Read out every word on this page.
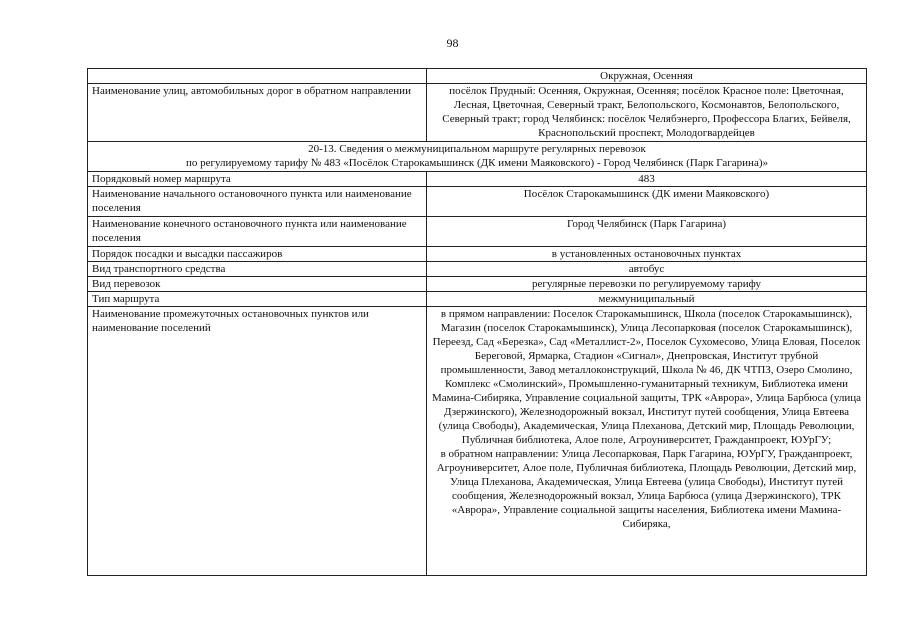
98
	Окружная, Осенняя
Наименование улиц, автомобильных дорог в обратном направлении	посёлок Прудный: Осенняя, Окружная, Осенняя; посёлок Красное поле: Цветочная, Лесная, Цветочная, Северный тракт, Белопольского, Космонавтов, Белопольского, Северный тракт; город Челябинск: посёлок Челябэнерго, Профессора Благих, Бейвеля, Краснопольский проспект, Молодогвардейцев

20-13. Сведения о межмуниципальном маршруте регулярных перевозок
по регулируемому тарифу № 483 «Посёлок Старокамышинск (ДК имени Маяковского) - Город Челябинск (Парк Гагарина)»	

Порядковый номер маршрута	483
Наименование начального остановочного пункта или наименование поселения	Посёлок Старокамышинск (ДК имени Маяковского)
Наименование конечного остановочного пункта или наименование поселения	Город Челябинск (Парк Гагарина)
Порядок посадки и высадки пассажиров	в установленных остановочных пунктах
Вид транспортного средства	автобус
Вид перевозок	регулярные перевозки по регулируемому тарифу
Тип маршрута	межмуниципальный
Наименование промежуточных остановочных пунктов или наименование поселений	в прямом направлении: Поселок Старокамышинск, Школа (поселок Старокамышинск), Магазин (поселок Старокамышинск), Улица Лесопарковая (поселок Старокамышинск), Переезд, Сад «Березка», Сад «Металлист-2», Поселок Сухомесово, Улица Еловая, Поселок Береговой, Ярмарка, Стадион «Сигнал», Днепровская, Институт трубной промышленности, Завод металлоконструкций, Школа № 46, ДК ЧТПЗ, Озеро Смолино, Комплекс «Смолинский», Промышленно-гуманитарный техникум, Библиотека имени Мамина-Сибиряка, Управление социальной защиты, ТРК «Аврора», Улица Барбюса (улица Дзержинского), Железнодорожный вокзал, Институт путей сообщения, Улица Евтеева (улица Свободы), Академическая, Улица Плеханова, Детский мир, Площадь Революции, Публичная библиотека, Алое поле, Агроуниверситет, Гражданпроект, ЮУрГУ;
в обратном направлении: Улица Лесопарковая, Парк Гагарина, ЮУрГУ, Гражданпроект, Агроуниверситет, Алое поле, Публичная библиотека, Площадь Революции, Детский мир, Улица Плеханова, Академическая, Улица Евтеева (улица Свободы), Институт путей сообщения, Железнодорожный вокзал, Улица Барбюса (улица Дзержинского), ТРК «Аврора», Управление социальной защиты населения, Библиотека имени Мамина-Сибиряка,
